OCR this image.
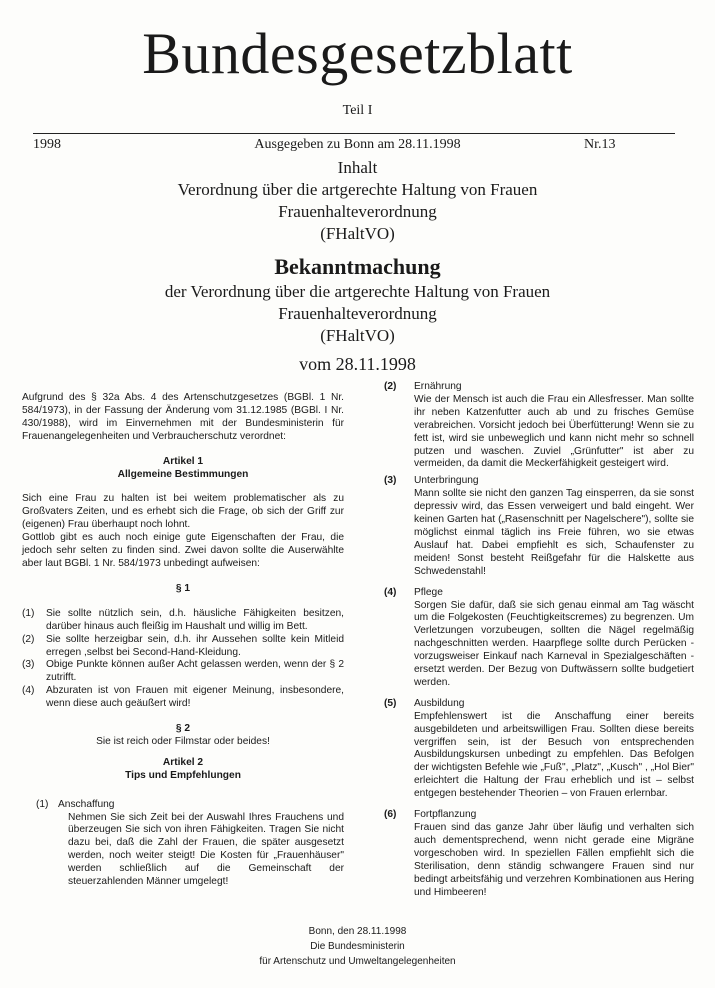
Bundesgesetzblatt
Teil I
1998	Ausgegeben zu Bonn am 28.11.1998	Nr.13
Inhalt
Verordnung über die artgerechte Haltung von Frauen
Frauenhalteverordnung
(FHaltVO)
Bekanntmachung
der Verordnung über die artgerechte Haltung von Frauen
Frauenhalteverordnung
(FHaltVO)
vom 28.11.1998

Aufgrund des § 32a Abs. 4 des Artenschutzgesetzes (BGBl. 1 Nr. 584/1973), in der Fassung der Änderung vom 31.12.1985 (BGBl. I Nr. 430/1988), wird im Einvernehmen mit der Bundesministerin für Frauenangelegenheiten und Verbraucherschutz verordnet:

Artikel 1

Allgemeine Bestimmungen

Sich eine Frau zu halten ist bei weitem problematischer als zu Großvaters Zeiten, und es erhebt sich die Frage, ob sich der Griff zur (eigenen) Frau überhaupt noch lohnt.

Gottlob gibt es auch noch einige gute Eigenschaften der Frau, die jedoch sehr selten zu finden sind. Zwei davon sollte die Auserwählte aber laut BGBl. 1 Nr. 584/1973 unbedingt aufweisen:

§ 1

(1)	Sie sollte nützlich sein, d.h. häusliche Fähigkeiten besitzen, darüber hinaus auch fleißig im Haushalt und willig im Bett.
(2)	Sie sollte herzeigbar sein, d.h. ihr Aussehen sollte kein Mitleid erregen ,selbst bei Second-Hand-Kleidung.
(3)	Obige Punkte können außer Acht gelassen werden, wenn der § 2 zutrifft.
(4)	Abzuraten ist von Frauen mit eigener Meinung, insbesondere, wenn diese auch geäußert wird!

§ 2

Sie ist reich oder Filmstar oder beides!

Artikel 2

Tips und Empfehlungen

(1) Anschaffung

Nehmen Sie sich Zeit bei der Auswahl Ihres Frauchens und überzeugen Sie sich von ihren Fähigkeiten. Tragen Sie nicht dazu bei, daß die Zahl der Frauen, die später ausgesetzt werden, noch weiter steigt! Die Kosten für „Frauenhäuser" werden schließlich auf die Gemeinschaft der steuerzahlenden Männer umgelegt!

(2)	Ernährung

Wie der Mensch ist auch die Frau ein Allesfresser. Man sollte ihr neben Katzenfutter auch ab und zu frisches Gemüse verabreichen. Vorsicht jedoch bei Überfütterung! Wenn sie zu fett ist, wird sie unbeweglich und kann nicht mehr so schnell putzen und waschen. Zuviel „Grünfutter" ist aber zu vermeiden, da damit die Meckerfähigkeit gesteigert wird.

(3)	Unterbringung

Mann sollte sie nicht den ganzen Tag einsperren, da sie sonst depressiv wird, das Essen verweigert und bald eingeht. Wer keinen Garten hat („Rasenschnitt per Nagelschere"), sollte sie möglichst einmal täglich ins Freie führen, wo sie etwas Auslauf hat. Dabei empfiehlt es sich, Schaufenster zu meiden! Sonst besteht Reißgefahr für die Halskette aus Schwedenstahl!

(4)	Pflege

Sorgen Sie dafür, daß sie sich genau einmal am Tag wäscht um die Folgekosten (Feuchtigkeitscremes) zu begrenzen. Um Verletzungen vorzubeugen, sollten die Nägel regelmäßig nachgeschnitten werden. Haarpflege sollte durch Perücken - vorzugsweiser Einkauf nach Karneval in Spezialgeschäften - ersetzt werden. Der Bezug von Duftwässern sollte budgetiert werden.

(5)	Ausbildung

Empfehlenswert ist die Anschaffung einer bereits ausgebildeten und arbeitswilligen Frau. Sollten diese bereits vergriffen sein, ist der Besuch von entsprechenden Ausbildungskursen unbedingt zu empfehlen. Das Befolgen der wichtigsten Befehle wie „Fuß", „Platz", „Kusch" , „Hol Bier" erleichtert die Haltung der Frau erheblich und ist – selbst entgegen bestehender Theorien – von Frauen erlernbar.

(6)	Fortpflanzung

Frauen sind das ganze Jahr über läufig und verhalten sich auch dementsprechend, wenn nicht gerade eine Migräne vorgeschoben wird. In speziellen Fällen empfiehlt sich die Sterilisation, denn ständig schwangere Frauen sind nur bedingt arbeitsfähig und verzehren Kombinationen aus Hering und Himbeeren!

Bonn, den 28.11.1998
Die Bundesministerin
für Artenschutz und Umweltangelegenheiten
